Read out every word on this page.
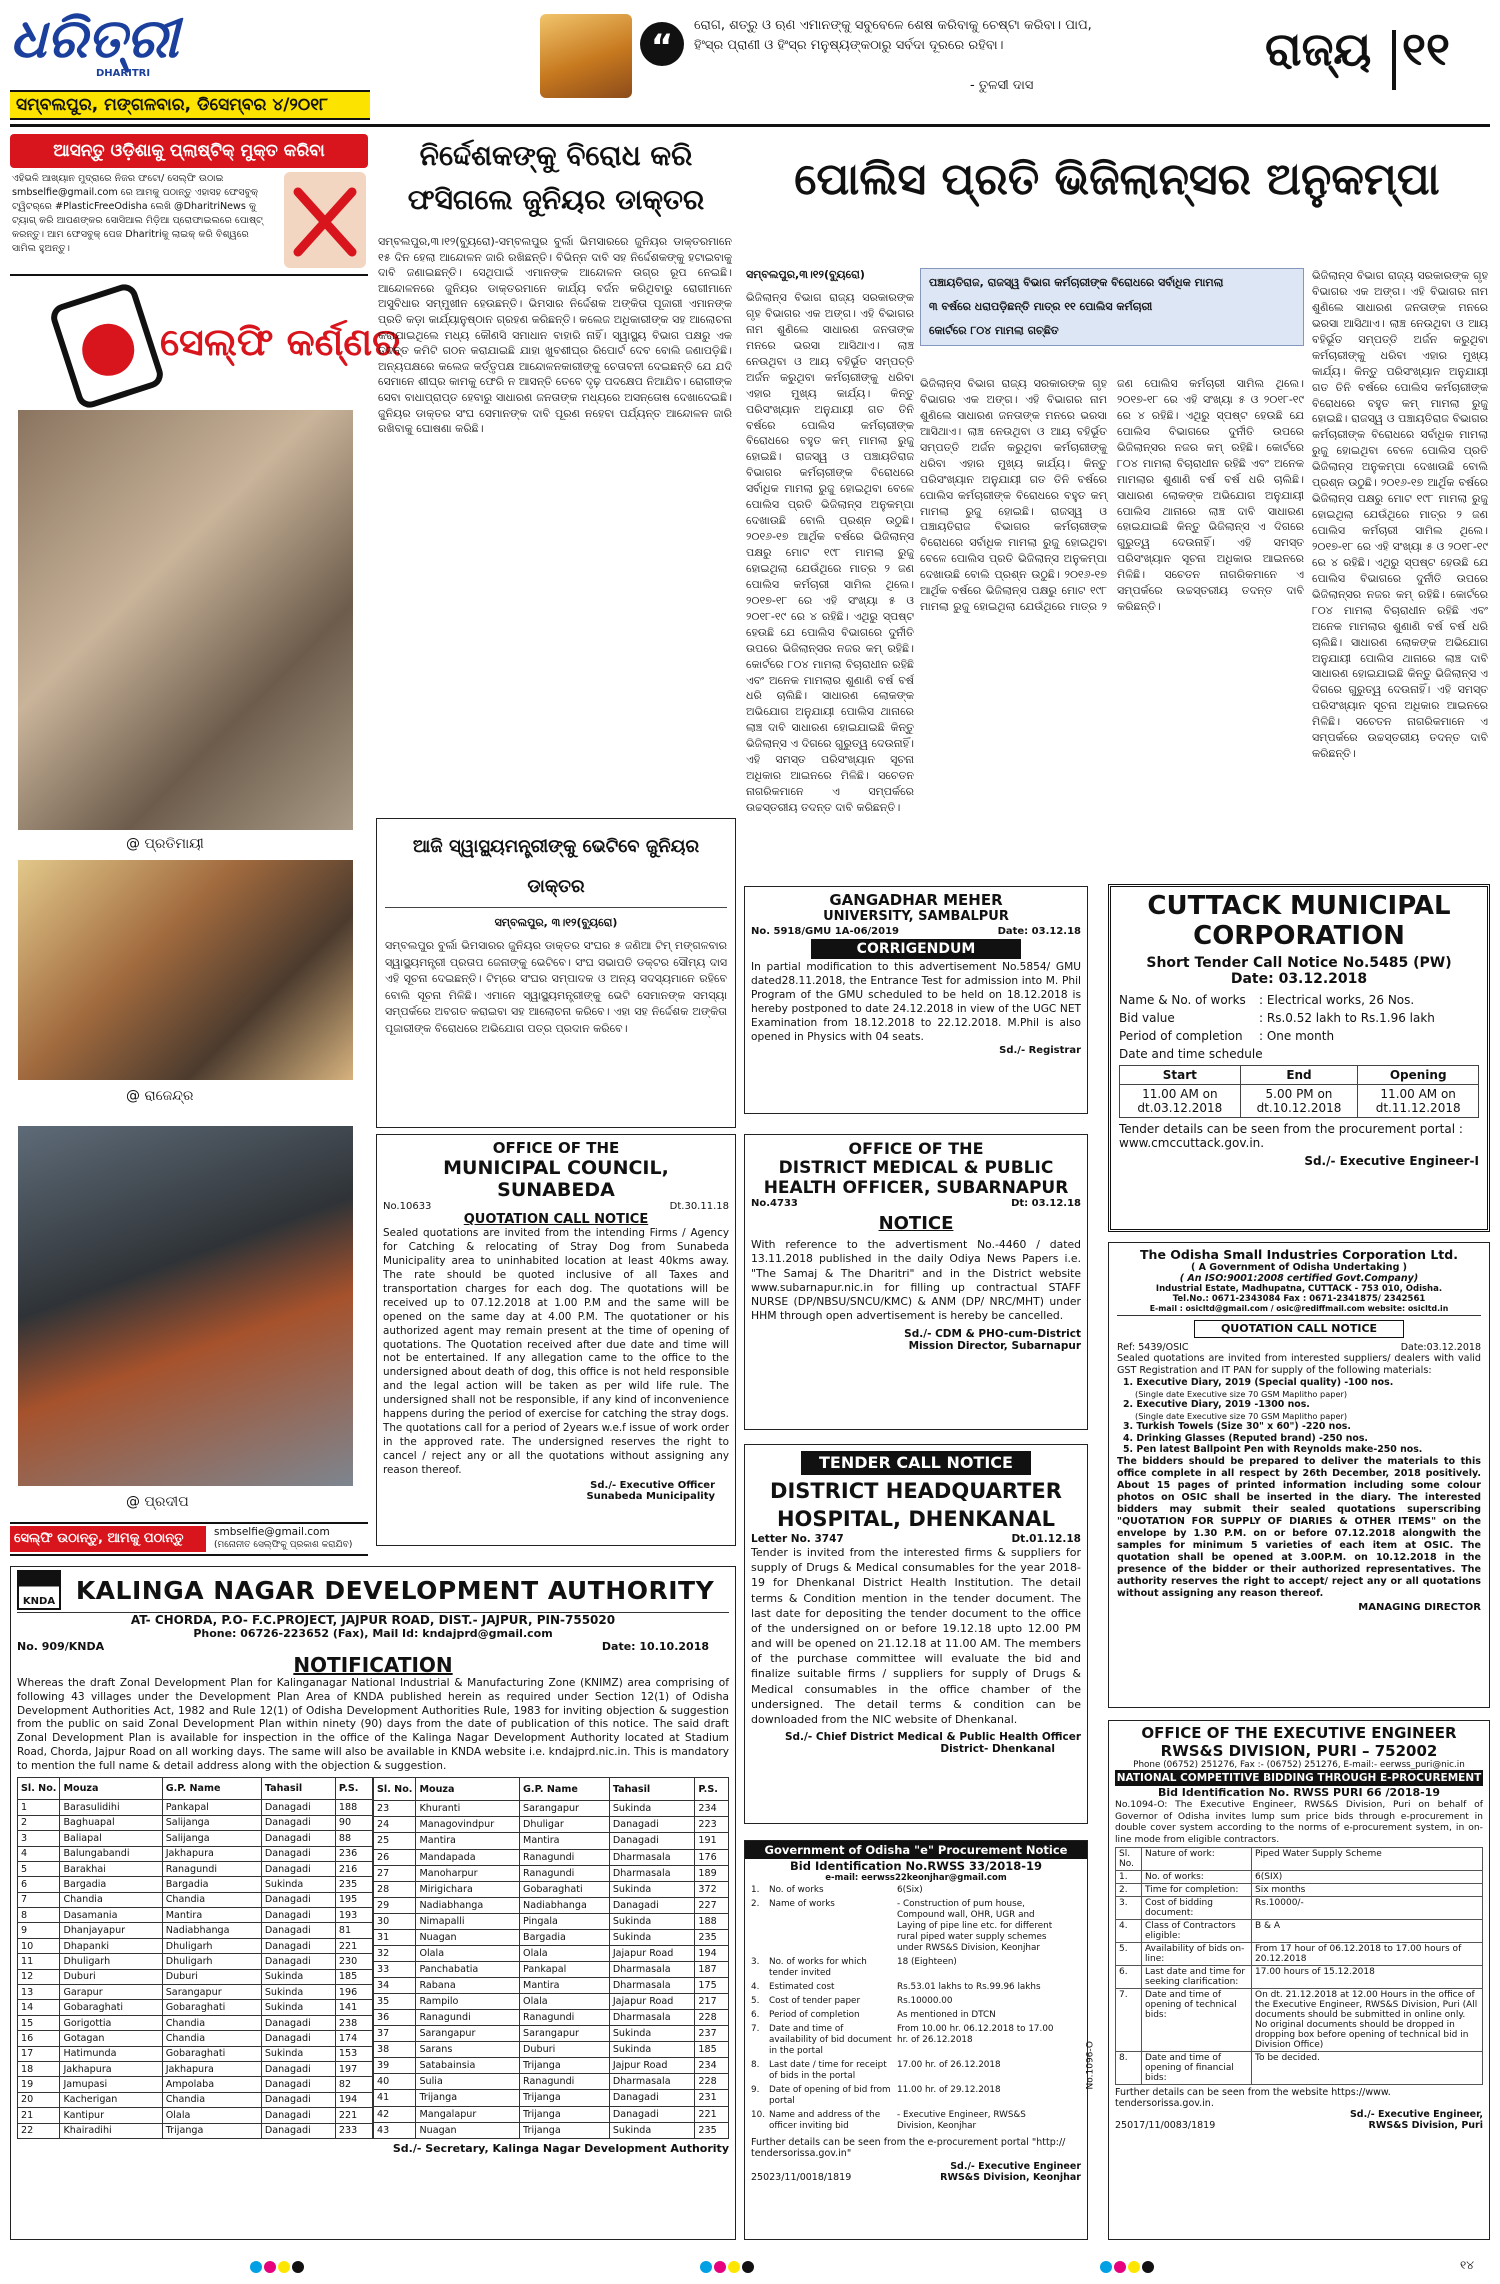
ଧରିତ୍ରୀ
DHARITRI
ସମ୍ବଲପୁର, ମଙ୍ଗଳବାର, ଡିସେମ୍ବର ୪/୨୦୧୮
“
ରୋଗ, ଶତ୍ରୁ ଓ ଋଣ ଏମାନଙ୍କୁ ସବୁବେଳେ ଶେଷ କରିବାକୁ ଚେଷ୍ଟା କରିବା। ପାପ, ହିଂସ୍ର ପ୍ରାଣୀ ଓ ହିଂସ୍ର ମନୁଷ୍ୟଙ୍କଠାରୁ ସର୍ବଦା ଦୂରରେ ରହିବା।
- ତୁଳସୀ ଦାସ
ରାଜ୍ୟ ୧୧
ଆସନ୍ତୁ ଓଡ଼ିଶାକୁ ପ୍ଲାଷ୍ଟିକ୍ ମୁକ୍ତ କରିବା
ଏହିଭଳି ଆଖ୍ୟାନ ମୁଦ୍ରାରେ ନିଜର ଫଟୋ/ ସେଲ୍ଫି ଉଠାଇ smbselfie@gmail.com ରେ ଆମକୁ ପଠାନ୍ତୁ ଏହାସହ ଫେସବୁକ୍ ଟ୍ୱିଟର୍‌ରେ #PlasticFreeOdisha ଲେଖି @DharitriNews କୁ ଟ୍ୟାଗ୍ କରି ଆପଣଙ୍କର ସୋସିଆଲ ମିଡ଼ିଆ ପ୍ରୋଫାଇଲରେ ପୋଷ୍ଟ୍ କରନ୍ତୁ। ଆମ ଫେସବୁକ୍ ପେଜ Dharitriକୁ ଲାଇକ୍ କରି ବିଶ୍ୱରେ ସାମିଲ ହୁଅନ୍ତୁ।
ସେଲ୍ଫି କର୍ଣ୍ଣର
@ ପ୍ରତିମାୟୀ
@ ରାଜେନ୍ଦ୍ର
@ ପ୍ରଦୀପ
ସେଲ୍ଫି ଉଠାନ୍ତୁ, ଆମକୁ ପଠାନ୍ତୁ	smbselfie@gmail.com
(ମନୋନୀତ ସେଲ୍ଫିକୁ ପ୍ରକାଶ କରାଯିବ)
ନିର୍ଦ୍ଦେଶକଙ୍କୁ ବିରୋଧ କରି
ଫସିଗଲେ ଜୁନିୟର ଡାକ୍ତର
ସମ୍ବଲପୁର,୩।୧୨(ବ୍ୟୁରୋ)-ସମ୍ବଲପୁର ବୁର୍ଲା ଭିମସାରରେ ଜୁନିୟର ଡାକ୍ତରମାନେ ୧୫ ଦିନ ହେଲା ଆନ୍ଦୋଳନ ଜାରି ରଖିଛନ୍ତି। ବିଭିନ୍ନ ଦାବି ସହ ନିର୍ଦ୍ଦେଶକଙ୍କୁ ହଟାଇବାକୁ ଦାବି ଜଣାଇଛନ୍ତି। ସେଥିପାଇଁ ଏମାନଙ୍କ ଆନ୍ଦୋଳନ ଉଗ୍ର ରୂପ ନେଇଛି। ଆନ୍ଦୋଳନରେ ଜୁନିୟର ଡାକ୍ତରମାନେ କାର୍ଯ୍ୟ ବର୍ଜନ କରିଥିବାରୁ ରୋଗୀମାନେ ଅସୁବିଧାର ସମ୍ମୁଖୀନ ହେଉଛନ୍ତି। ଭିମସାର ନିର୍ଦ୍ଦେଶକ ଅଙ୍କିତା ପୂଜାରୀ ଏମାନଙ୍କ ପ୍ରତି କଡ଼ା କାର୍ଯ୍ୟାନୁଷ୍ଠାନ ଗ୍ରହଣ କରିଛନ୍ତି। କଲେଜ ଅଧିକାରୀଙ୍କ ସହ ଆଲୋଚନା କରାଯାଇଥିଲେ ମଧ୍ୟ କୌଣସି ସମାଧାନ ବାହାରି ନାହିଁ। ସ୍ୱାସ୍ଥ୍ୟ ବିଭାଗ ପକ୍ଷରୁ ଏକ ତଦନ୍ତ କମିଟି ଗଠନ କରାଯାଇଛି ଯାହା ଖୁବଶୀଘ୍ର ରିପୋର୍ଟ ଦେବ ବୋଲି ଜଣାପଡ଼ିଛି। ଅନ୍ୟପକ୍ଷରେ କଲେଜ କର୍ତ୍ତୃପକ୍ଷ ଆନ୍ଦୋଳନକାରୀଙ୍କୁ ଚେତାବନୀ ଦେଇଛନ୍ତି ଯେ ଯଦି ସେମାନେ ଶୀଘ୍ର କାମକୁ ଫେରି ନ ଆସନ୍ତି ତେବେ ଦୃଢ଼ ପଦକ୍ଷେପ ନିଆଯିବ। ରୋଗୀଙ୍କ ସେବା ବାଧାପ୍ରାପ୍ତ ହେବାରୁ ସାଧାରଣ ଜନତାଙ୍କ ମଧ୍ୟରେ ଅସନ୍ତୋଷ ଦେଖାଦେଇଛି। ଜୁନିୟର ଡାକ୍ତର ସଂଘ ସେମାନଙ୍କ ଦାବି ପୂରଣ ନହେବା ପର୍ଯ୍ୟନ୍ତ ଆନ୍ଦୋଳନ ଜାରି ରଖିବାକୁ ଘୋଷଣା କରିଛି।
ଆଜି ସ୍ୱାସ୍ଥ୍ୟମନ୍ତ୍ରୀଙ୍କୁ ଭେଟିବେ ଜୁନିୟର ଡାକ୍ତର
ସମ୍ବଲପୁର, ୩।୧୨(ବ୍ୟୁରୋ)
ସମ୍ବଲପୁର ବୁର୍ଲା ଭିମସାରର ଜୁନିୟର ଡାକ୍ତର ସଂଘର ୫ ଜଣିଆ ଟିମ୍ ମଙ୍ଗଳବାର ସ୍ୱାସ୍ଥ୍ୟମନ୍ତ୍ରୀ ପ୍ରତାପ ଜେନାଙ୍କୁ ଭେଟିବେ। ସଂଘ ସଭାପତି ଡକ୍ଟର ସୌମ୍ୟ ଦାସ ଏହି ସୂଚନା ଦେଇଛନ୍ତି। ଟିମ୍‌ରେ ସଂଘର ସମ୍ପାଦକ ଓ ଅନ୍ୟ ସଦସ୍ୟମାନେ ରହିବେ ବୋଲି ସୂଚନା ମିଳିଛି। ଏମାନେ ସ୍ୱାସ୍ଥ୍ୟମନ୍ତ୍ରୀଙ୍କୁ ଭେଟି ସେମାନଙ୍କ ସମସ୍ୟା ସମ୍ପର୍କରେ ଅବଗତ କରାଇବା ସହ ଆଲୋଚନା କରିବେ। ଏହା ସହ ନିର୍ଦ୍ଦେଶକ ଅଙ୍କିତା ପୂଜାରୀଙ୍କ ବିରୋଧରେ ଅଭିଯୋଗ ପତ୍ର ପ୍ରଦାନ କରିବେ।
ପୋଲିସ ପ୍ରତି ଭିଜିଲାନ୍ସର ଅନୁକମ୍ପା
ସମ୍ବଲପୁର,୩।୧୨(ବ୍ୟୁରୋ)
ପଞ୍ଚାୟତିରାଜ, ରାଜସ୍ୱ ବିଭାଗ କର୍ମଚାରୀଙ୍କ ବିରୋଧରେ ସର୍ବାଧିକ ମାମଲା
୩ ବର୍ଷରେ ଧରାପଡ଼ିଛନ୍ତି ମାତ୍ର ୧୧ ପୋଲିସ କର୍ମଚାରୀ
କୋର୍ଟରେ ୮୦୪ ମାମଲା ଗଚ୍ଛିତ
ଭିଜିଲାନ୍ସ ବିଭାଗ ରାଜ୍ୟ ସରକାରଙ୍କ ଗୃହ ବିଭାଗର ଏକ ଅଙ୍ଗ। ଏହି ବିଭାଗର ନାମ ଶୁଣିଲେ ସାଧାରଣ ଜନତାଙ୍କ ମନରେ ଭରସା ଆସିଥାଏ। ଲାଞ୍ଚ ନେଉଥିବା ଓ ଆୟ ବହିର୍ଭୂତ ସମ୍ପତ୍ତି ଅର୍ଜନ କରୁଥିବା କର୍ମଚାରୀଙ୍କୁ ଧରିବା ଏହାର ମୁଖ୍ୟ କାର୍ଯ୍ୟ। କିନ୍ତୁ ପରିସଂଖ୍ୟାନ ଅନୁଯାୟୀ ଗତ ତିନି ବର୍ଷରେ ପୋଲିସ କର୍ମଚାରୀଙ୍କ ବିରୋଧରେ ବହୁତ କମ୍ ମାମଲା ରୁଜୁ ହୋଇଛି। ରାଜସ୍ୱ ଓ ପଞ୍ଚାୟତିରାଜ ବିଭାଗର କର୍ମଚାରୀଙ୍କ ବିରୋଧରେ ସର୍ବାଧିକ ମାମଲା ରୁଜୁ ହୋଇଥିବା ବେଳେ ପୋଲିସ ପ୍ରତି ଭିଜିଲାନ୍ସ ଅନୁକମ୍ପା ଦେଖାଉଛି ବୋଲି ପ୍ରଶ୍ନ ଉଠୁଛି। ୨୦୧୬-୧୭ ଆର୍ଥିକ ବର୍ଷରେ ଭିଜିଲାନ୍ସ ପକ୍ଷରୁ ମୋଟ ୧୯୮ ମାମଲା ରୁଜୁ ହୋଇଥିଲା ଯେଉଁଥିରେ ମାତ୍ର ୨ ଜଣ ପୋଲିସ କର୍ମଚାରୀ ସାମିଲ ଥିଲେ। ୨୦୧୭-୧୮ ରେ ଏହି ସଂଖ୍ୟା ୫ ଓ ୨୦୧୮-୧୯ ରେ ୪ ରହିଛି। ଏଥିରୁ ସ୍ପଷ୍ଟ ହେଉଛି ଯେ ପୋଲିସ ବିଭାଗରେ ଦୁର୍ନୀତି ଉପରେ ଭିଜିଲାନ୍ସର ନଜର କମ୍ ରହିଛି। କୋର୍ଟରେ ୮୦୪ ମାମଲା ବିଚାରାଧୀନ ରହିଛି ଏବଂ ଅନେକ ମାମଲାର ଶୁଣାଣି ବର୍ଷ ବର୍ଷ ଧରି ଚାଲିଛି। ସାଧାରଣ ଲୋକଙ୍କ ଅଭିଯୋଗ ଅନୁଯାୟୀ ପୋଲିସ ଥାନାରେ ଲାଞ୍ଚ ଦାବି ସାଧାରଣ ହୋଇଯାଇଛି କିନ୍ତୁ ଭିଜିଲାନ୍ସ ଏ ଦିଗରେ ଗୁରୁତ୍ୱ ଦେଉନାହିଁ। ଏହି ସମସ୍ତ ପରିସଂଖ୍ୟାନ ସୂଚନା ଅଧିକାର ଆଇନରେ ମିଳିଛି। ସଚେତନ ନାଗରିକମାନେ ଏ ସମ୍ପର୍କରେ ଉଚ୍ଚସ୍ତରୀୟ ତଦନ୍ତ ଦାବି କରିଛନ୍ତି।
ଭିଜିଲାନ୍ସ ବିଭାଗ ରାଜ୍ୟ ସରକାରଙ୍କ ଗୃହ ବିଭାଗର ଏକ ଅଙ୍ଗ। ଏହି ବିଭାଗର ନାମ ଶୁଣିଲେ ସାଧାରଣ ଜନତାଙ୍କ ମନରେ ଭରସା ଆସିଥାଏ। ଲାଞ୍ଚ ନେଉଥିବା ଓ ଆୟ ବହିର୍ଭୂତ ସମ୍ପତ୍ତି ଅର୍ଜନ କରୁଥିବା କର୍ମଚାରୀଙ୍କୁ ଧରିବା ଏହାର ମୁଖ୍ୟ କାର୍ଯ୍ୟ। କିନ୍ତୁ ପରିସଂଖ୍ୟାନ ଅନୁଯାୟୀ ଗତ ତିନି ବର୍ଷରେ ପୋଲିସ କର୍ମଚାରୀଙ୍କ ବିରୋଧରେ ବହୁତ କମ୍ ମାମଲା ରୁଜୁ ହୋଇଛି। ରାଜସ୍ୱ ଓ ପଞ୍ଚାୟତିରାଜ ବିଭାଗର କର୍ମଚାରୀଙ୍କ ବିରୋଧରେ ସର୍ବାଧିକ ମାମଲା ରୁଜୁ ହୋଇଥିବା ବେଳେ ପୋଲିସ ପ୍ରତି ଭିଜିଲାନ୍ସ ଅନୁକମ୍ପା ଦେଖାଉଛି ବୋଲି ପ୍ରଶ୍ନ ଉଠୁଛି। ୨୦୧୬-୧୭ ଆର୍ଥିକ ବର୍ଷରେ ଭିଜିଲାନ୍ସ ପକ୍ଷରୁ ମୋଟ ୧୯୮ ମାମଲା ରୁଜୁ ହୋଇଥିଲା ଯେଉଁଥିରେ ମାତ୍ର ୨ ଜଣ ପୋଲିସ କର୍ମଚାରୀ ସାମିଲ ଥିଲେ। ୨୦୧୭-୧୮ ରେ ଏହି ସଂଖ୍ୟା ୫ ଓ ୨୦୧୮-୧୯ ରେ ୪ ରହିଛି। ଏଥିରୁ ସ୍ପଷ୍ଟ ହେଉଛି ଯେ ପୋଲିସ ବିଭାଗରେ ଦୁର୍ନୀତି ଉପରେ ଭିଜିଲାନ୍ସର ନଜର କମ୍ ରହିଛି। କୋର୍ଟରେ ୮୦୪ ମାମଲା ବିଚାରାଧୀନ ରହିଛି ଏବଂ ଅନେକ ମାମଲାର ଶୁଣାଣି ବର୍ଷ ବର୍ଷ ଧରି ଚାଲିଛି। ସାଧାରଣ ଲୋକଙ୍କ ଅଭିଯୋଗ ଅନୁଯାୟୀ ପୋଲିସ ଥାନାରେ ଲାଞ୍ଚ ଦାବି ସାଧାରଣ ହୋଇଯାଇଛି କିନ୍ତୁ ଭିଜିଲାନ୍ସ ଏ ଦିଗରେ ଗୁରୁତ୍ୱ ଦେଉନାହିଁ। ଏହି ସମସ୍ତ ପରିସଂଖ୍ୟାନ ସୂଚନା ଅଧିକାର ଆଇନରେ ମିଳିଛି। ସଚେତନ ନାଗରିକମାନେ ଏ ସମ୍ପର୍କରେ ଉଚ୍ଚସ୍ତରୀୟ ତଦନ୍ତ ଦାବି କରିଛନ୍ତି।
ଭିଜିଲାନ୍ସ ବିଭାଗ ରାଜ୍ୟ ସରକାରଙ୍କ ଗୃହ ବିଭାଗର ଏକ ଅଙ୍ଗ। ଏହି ବିଭାଗର ନାମ ଶୁଣିଲେ ସାଧାରଣ ଜନତାଙ୍କ ମନରେ ଭରସା ଆସିଥାଏ। ଲାଞ୍ଚ ନେଉଥିବା ଓ ଆୟ ବହିର୍ଭୂତ ସମ୍ପତ୍ତି ଅର୍ଜନ କରୁଥିବା କର୍ମଚାରୀଙ୍କୁ ଧରିବା ଏହାର ମୁଖ୍ୟ କାର୍ଯ୍ୟ। କିନ୍ତୁ ପରିସଂଖ୍ୟାନ ଅନୁଯାୟୀ ଗତ ତିନି ବର୍ଷରେ ପୋଲିସ କର୍ମଚାରୀଙ୍କ ବିରୋଧରେ ବହୁତ କମ୍ ମାମଲା ରୁଜୁ ହୋଇଛି। ରାଜସ୍ୱ ଓ ପଞ୍ଚାୟତିରାଜ ବିଭାଗର କର୍ମଚାରୀଙ୍କ ବିରୋଧରେ ସର୍ବାଧିକ ମାମଲା ରୁଜୁ ହୋଇଥିବା ବେଳେ ପୋଲିସ ପ୍ରତି ଭିଜିଲାନ୍ସ ଅନୁକମ୍ପା ଦେଖାଉଛି ବୋଲି ପ୍ରଶ୍ନ ଉଠୁଛି। ୨୦୧୬-୧୭ ଆର୍ଥିକ ବର୍ଷରେ ଭିଜିଲାନ୍ସ ପକ୍ଷରୁ ମୋଟ ୧୯୮ ମାମଲା ରୁଜୁ ହୋଇଥିଲା ଯେଉଁଥିରେ ମାତ୍ର ୨ ଜଣ ପୋଲିସ କର୍ମଚାରୀ ସାମିଲ ଥିଲେ। ୨୦୧୭-୧୮ ରେ ଏହି ସଂଖ୍ୟା ୫ ଓ ୨୦୧୮-୧୯ ରେ ୪ ରହିଛି। ଏଥିରୁ ସ୍ପଷ୍ଟ ହେଉଛି ଯେ ପୋଲିସ ବିଭାଗରେ ଦୁର୍ନୀତି ଉପରେ ଭିଜିଲାନ୍ସର ନଜର କମ୍ ରହିଛି। କୋର୍ଟରେ ୮୦୪ ମାମଲା ବିଚାରାଧୀନ ରହିଛି ଏବଂ ଅନେକ ମାମଲାର ଶୁଣାଣି ବର୍ଷ ବର୍ଷ ଧରି ଚାଲିଛି। ସାଧାରଣ ଲୋକଙ୍କ ଅଭିଯୋଗ ଅନୁଯାୟୀ ପୋଲିସ ଥାନାରେ ଲାଞ୍ଚ ଦାବି ସାଧାରଣ ହୋଇଯାଇଛି କିନ୍ତୁ ଭିଜିଲାନ୍ସ ଏ ଦିଗରେ ଗୁରୁତ୍ୱ ଦେଉନାହିଁ। ଏହି ସମସ୍ତ ପରିସଂଖ୍ୟାନ ସୂଚନା ଅଧିକାର ଆଇନରେ ମିଳିଛି। ସଚେତନ ନାଗରିକମାନେ ଏ ସମ୍ପର୍କରେ ଉଚ୍ଚସ୍ତରୀୟ ତଦନ୍ତ ଦାବି କରିଛନ୍ତି।
GANGADHAR MEHER
UNIVERSITY, SAMBALPUR
No. 5918/GMU 1A-06/2019	Date: 03.12.18
CORRIGENDUM
In partial modification to this advertisement No.5854/ GMU dated28.11.2018, the Entrance Test for admission into M. Phil Program of the GMU scheduled to be held on 18.12.2018 is hereby postponed to date 24.12.2018 in view of the UGC NET Examination from 18.12.2018 to 22.12.2018. M.Phil is also opened in Physics with 04 seats.
Sd./- Registrar
CUTTACK MUNICIPAL
CORPORATION
Short Tender Call Notice No.5485 (PW)
Date: 03.12.2018
Name & No. of works	: Electrical works, 26 Nos.
Bid value	: Rs.0.52 lakh to Rs.1.96 lakh
Period of completion	: One month
Date and time schedule
Start	End	Opening
11.00 AM on dt.03.12.2018	5.00 PM on dt.10.12.2018	11.00 AM on dt.11.12.2018
Tender details can be seen from the procurement portal : www.cmccuttack.gov.in.
Sd./- Executive Engineer-I
OFFICE OF THE
MUNICIPAL COUNCIL, SUNABEDA
No.10633	Dt.30.11.18
QUOTATION CALL NOTICE
Sealed quotations are invited from the intending Firms / Agency for Catching & relocating of Stray Dog from Sunabeda Municipality area to uninhabited location at least 40kms away. The rate should be quoted inclusive of all Taxes and transportation charges for each dog. The quotations will be received up to 07.12.2018 at 1.00 P.M and the same will be opened on the same day at 4.00 P.M. The quotationer or his authorized agent may remain present at the time of opening of quotations. The Quotation received after due date and time will not be entertained. If any allegation came to the office to the undersigned about death of dog, this office is not held responsible and the legal action will be taken as per wild life rule. The undersigned shall not be responsible, if any kind of inconvenience happens during the period of exercise for catching the stray dogs. The quotations call for a period of 2years w.e.f issue of work order in the approved rate. The undersigned reserves the right to cancel / reject any or all the quotations without assigning any reason thereof.
Sd./- Executive Officer
Sunabeda Municipality
OFFICE OF THE
DISTRICT MEDICAL & PUBLIC
HEALTH OFFICER, SUBARNAPUR
No.4733	Dt: 03.12.18
NOTICE
With reference to the advertisment No.-4460 / dated 13.11.2018 published in the daily Odiya News Papers i.e. "The Samaj & The Dharitri" and in the District website www.subarnapur.nic.in for filling up contractual STAFF NURSE (DP/NBSU/SNCU/KMC) & ANM (DP/ NRC/MHT) under HHM through open advertisement is hereby be cancelled.
Sd./- CDM & PHO-cum-District
Mission Director, Subarnapur
The Odisha Small Industries Corporation Ltd.
( A Government of Odisha Undertaking )
( An ISO:9001:2008 certified Govt.Company)
Industrial Estate, Madhupatna, CUTTACK - 753 010, Odisha.
Tel.No.: 0671-2343084 Fax : 0671-2341875/ 2342561
E-mail : osicltd@gmail.com / osic@rediffmail.com website: osicltd.in
QUOTATION CALL NOTICE
Ref: 5439/OSIC	Date:03.12.2018
Sealed quotations are invited from interested suppliers/ dealers with valid GST Registration and IT PAN for supply of the following materials:
1. Executive Diary, 2019 (Special quality) -100 nos.
(Single date Executive size 70 GSM Maplitho paper)
2. Executive Diary, 2019 -1300 nos.
(Single date Executive size 70 GSM Maplitho paper)
3. Turkish Towels (Size 30" x 60") -220 nos.
4. Drinking Glasses (Reputed brand) -250 nos.
5. Pen latest Ballpoint Pen with Reynolds make-250 nos.
The bidders should be prepared to deliver the materials to this office complete in all respect by 26th December, 2018 positively. About 15 pages of printed information including some colour photos on OSIC shall be inserted in the diary. The interested bidders may submit their sealed quotations superscribing "QUOTATION FOR SUPPLY OF DIARIES & OTHER ITEMS" on the envelope by 1.30 P.M. on or before 07.12.2018 alongwith the samples for minimum 5 varieties of each item at OSIC. The quotation shall be opened at 3.00P.M. on 10.12.2018 in the presence of the bidder or their authorized representatives. The authority reserves the right to accept/ reject any or all quotations without assigning any reason thereof.
MANAGING DIRECTOR
TENDER CALL NOTICE
DISTRICT HEADQUARTER
HOSPITAL, DHENKANAL
Letter No. 3747	Dt.01.12.18
Tender is invited from the interested firms & suppliers for supply of Drugs & Medical consumables for the year 2018-19 for Dhenkanal District Health Institution. The detail terms & Condition mention in the tender document. The last date for depositing the tender document to the office of the undersigned on or before 19.12.18 upto 12.00 PM and will be opened on 21.12.18 at 11.00 AM. The members of the purchase committee will evaluate the bid and finalize suitable firms / suppliers for supply of Drugs & Medical consumables in the office chamber of the undersigned. The detail terms & condition can be downloaded from the NIC website of Dhenkanal.
Sd./- Chief District Medical & Public Health Officer
District- Dhenkanal
Government of Odisha "e" Procurement Notice
Bid Identification No.RWSS 33/2018-19
e-mail: eerwss22keonjhar@gmail.com
1.	No. of works	6(Six)
2.	Name of works	- Construction of pum house, Compound wall, OHR, UGR and Laying of pipe line etc. for different rural piped water supply schemes under RWS&S Division, Keonjhar
3.	No. of works for which tender invited
18 (Eighteen)
4.	Estimated cost	Rs.53.01 lakhs to Rs.99.96 lakhs
5.	Cost of tender paper	Rs.10000.00
6.	Period of completion	As mentioned in DTCN
7.	Date and time of availability of bid document in the portal
From 10.00 hr. 06.12.2018 to 17.00 hr. of 26.12.2018
8.	Last date / time for receipt of bids in the portal
17.00 hr. of 26.12.2018
9.	Date of opening of bid from portal
11.00 hr. of 29.12.2018
10. Name and address of the officer inviting bid
- Executive Engineer, RWS&S Division, Keonjhar
Further details can be seen from the e-procurement portal "http:// tendersorissa.gov.in"
Sd./- Executive Engineer
25023/11/0018/1819	RWS&S Division, Keonjhar
No.1096-O
OFFICE OF THE EXECUTIVE ENGINEER
RWS&S DIVISION, PURI – 752002
Phone (06752) 251276, Fax :- (06752) 251276, E-mail:- eerwss_puri@nic.in
NATIONAL COMPETITIVE BIDDING THROUGH E-PROCUREMENT
Bid Identification No. RWSS PURI 66 /2018-19
No.1094-O: The Executive Engineer, RWS&S Division, Puri on behalf of Governor of Odisha invites lump sum price bids through e-procurement in double cover system according to the norms of e-procurement system, in on-line mode from eligible contractors.
Sl. No.	Nature of work:	Piped Water Supply Scheme
1.	No. of works:	6(SIX)
2.	Time for completion:	Six months
3.	Cost of bidding document:	Rs.10000/-
4.	Class of Contractors eligible:	B & A
5.	Availability of bids on-line:	From 17 hour of 06.12.2018 to 17.00 hours of 20.12.2018
6.	Last date and time for seeking clarification:	17.00 hours of 15.12.2018
7.	Date and time of opening of technical bids:	On dt. 21.12.2018 at 12.00 Hours in the office of the Executive Engineer, RWS&S Division, Puri (All documents should be submitted in online only. No original documents should be dropped in dropping box before opening of technical bid in Division Office)
8.	Date and time of opening of financial bids:	To be decided.
Further details can be seen from the website https://www. tendersorissa.gov.in.
Sd./- Executive Engineer,
25017/11/0083/1819	RWS&S Division, Puri
KNDA KALINGA NAGAR DEVELOPMENT AUTHORITY
AT- CHORDA, P.O- F.C.PROJECT, JAJPUR ROAD, DIST.- JAJPUR, PIN-755020
Phone: 06726-223652 (Fax), Mail Id: kndajprd@gmail.com
No. 909/KNDA	Date: 10.10.2018
NOTIFICATION
Whereas the draft Zonal Development Plan for Kalinganagar National Industrial & Manufacturing Zone (KNIMZ) area comprising of following 43 villages under the Development Plan Area of KNDA published herein as required under Section 12(1) of Odisha Development Authorities Act, 1982 and Rule 12(1) of Odisha Development Authorities Rule, 1983 for inviting objection & suggestion from the public on said Zonal Development Plan within ninety (90) days from the date of publication of this notice. The said draft Zonal Development Plan is available for inspection in the office of the Kalinga Nagar Development Authority located at Stadium Road, Chorda, Jajpur Road on all working days. The same will also be available in KNDA website i.e. kndajprd.nic.in. This is mandatory to mention the full name & detail address along with the objection & suggestion.
Sl. No.	Mouza	G.P. Name	Tahasil	P.S.
1	Barasulidihi	Pankapal	Danagadi	188
2	Baghuapal	Salijanga	Danagadi	90
3	Baliapal	Salijanga	Danagadi	88
4	Balungabandi	Jakhapura	Danagadi	236
5	Barakhai	Ranagundi	Danagadi	216
6	Bargadia	Bargadia	Sukinda	235
7	Chandia	Chandia	Danagadi	195
8	Dasamania	Mantira	Danagadi	193
9	Dhanjayapur	Nadiabhanga	Danagadi	81
10	Dhapanki	Dhuligarh	Danagadi	221
11	Dhuligarh	Dhuligarh	Danagadi	230
12	Duburi	Duburi	Sukinda	185
13	Garapur	Sarangapur	Sukinda	196
14	Gobaraghati	Gobaraghati	Sukinda	141
15	Gorigottia	Chandia	Danagadi	238
16	Gotagan	Chandia	Danagadi	174
17	Hatimunda	Gobaraghati	Sukinda	153
18	Jakhapura	Jakhapura	Danagadi	197
19	Jamupasi	Ampolaba	Danagadi	82
20	Kacherigan	Chandia	Danagadi	194
21	Kantipur	Olala	Danagadi	221
22	Khairadihi	Trijanga	Danagadi	233
Sl. No.	Mouza	G.P. Name	Tahasil	P.S.
23	Khuranti	Sarangapur	Sukinda	234
24	Managovindpur	Dhuligar	Danagadi	223
25	Mantira	Mantira	Danagadi	191
26	Mandapada	Ranagundi	Dharmasala	176
27	Manoharpur	Ranagundi	Dharmasala	189
28	Mirigichara	Gobaraghati	Sukinda	372
29	Nadiabhanga	Nadiabhanga	Danagadi	227
30	Nimapalli	Pingala	Sukinda	188
31	Nuagan	Bargadia	Sukinda	235
32	Olala	Olala	Jajapur Road	194
33	Panchabatia	Pankapal	Dharmasala	187
34	Rabana	Mantira	Dharmasala	175
35	Rampilo	Olala	Jajapur Road	217
36	Ranagundi	Ranagundi	Dharmasala	228
37	Sarangapur	Sarangapur	Sukinda	237
38	Sarans	Duburi	Sukinda	185
39	Satabainsia	Trijanga	Jajpur Road	234
40	Sulia	Ranagundi	Dharmasala	228
41	Trijanga	Trijanga	Danagadi	231
42	Mangalapur	Trijanga	Danagadi	221
43	Nuagan	Trijanga	Sukinda	235
Sd./- Secretary, Kalinga Nagar Development Authority
୧୪
